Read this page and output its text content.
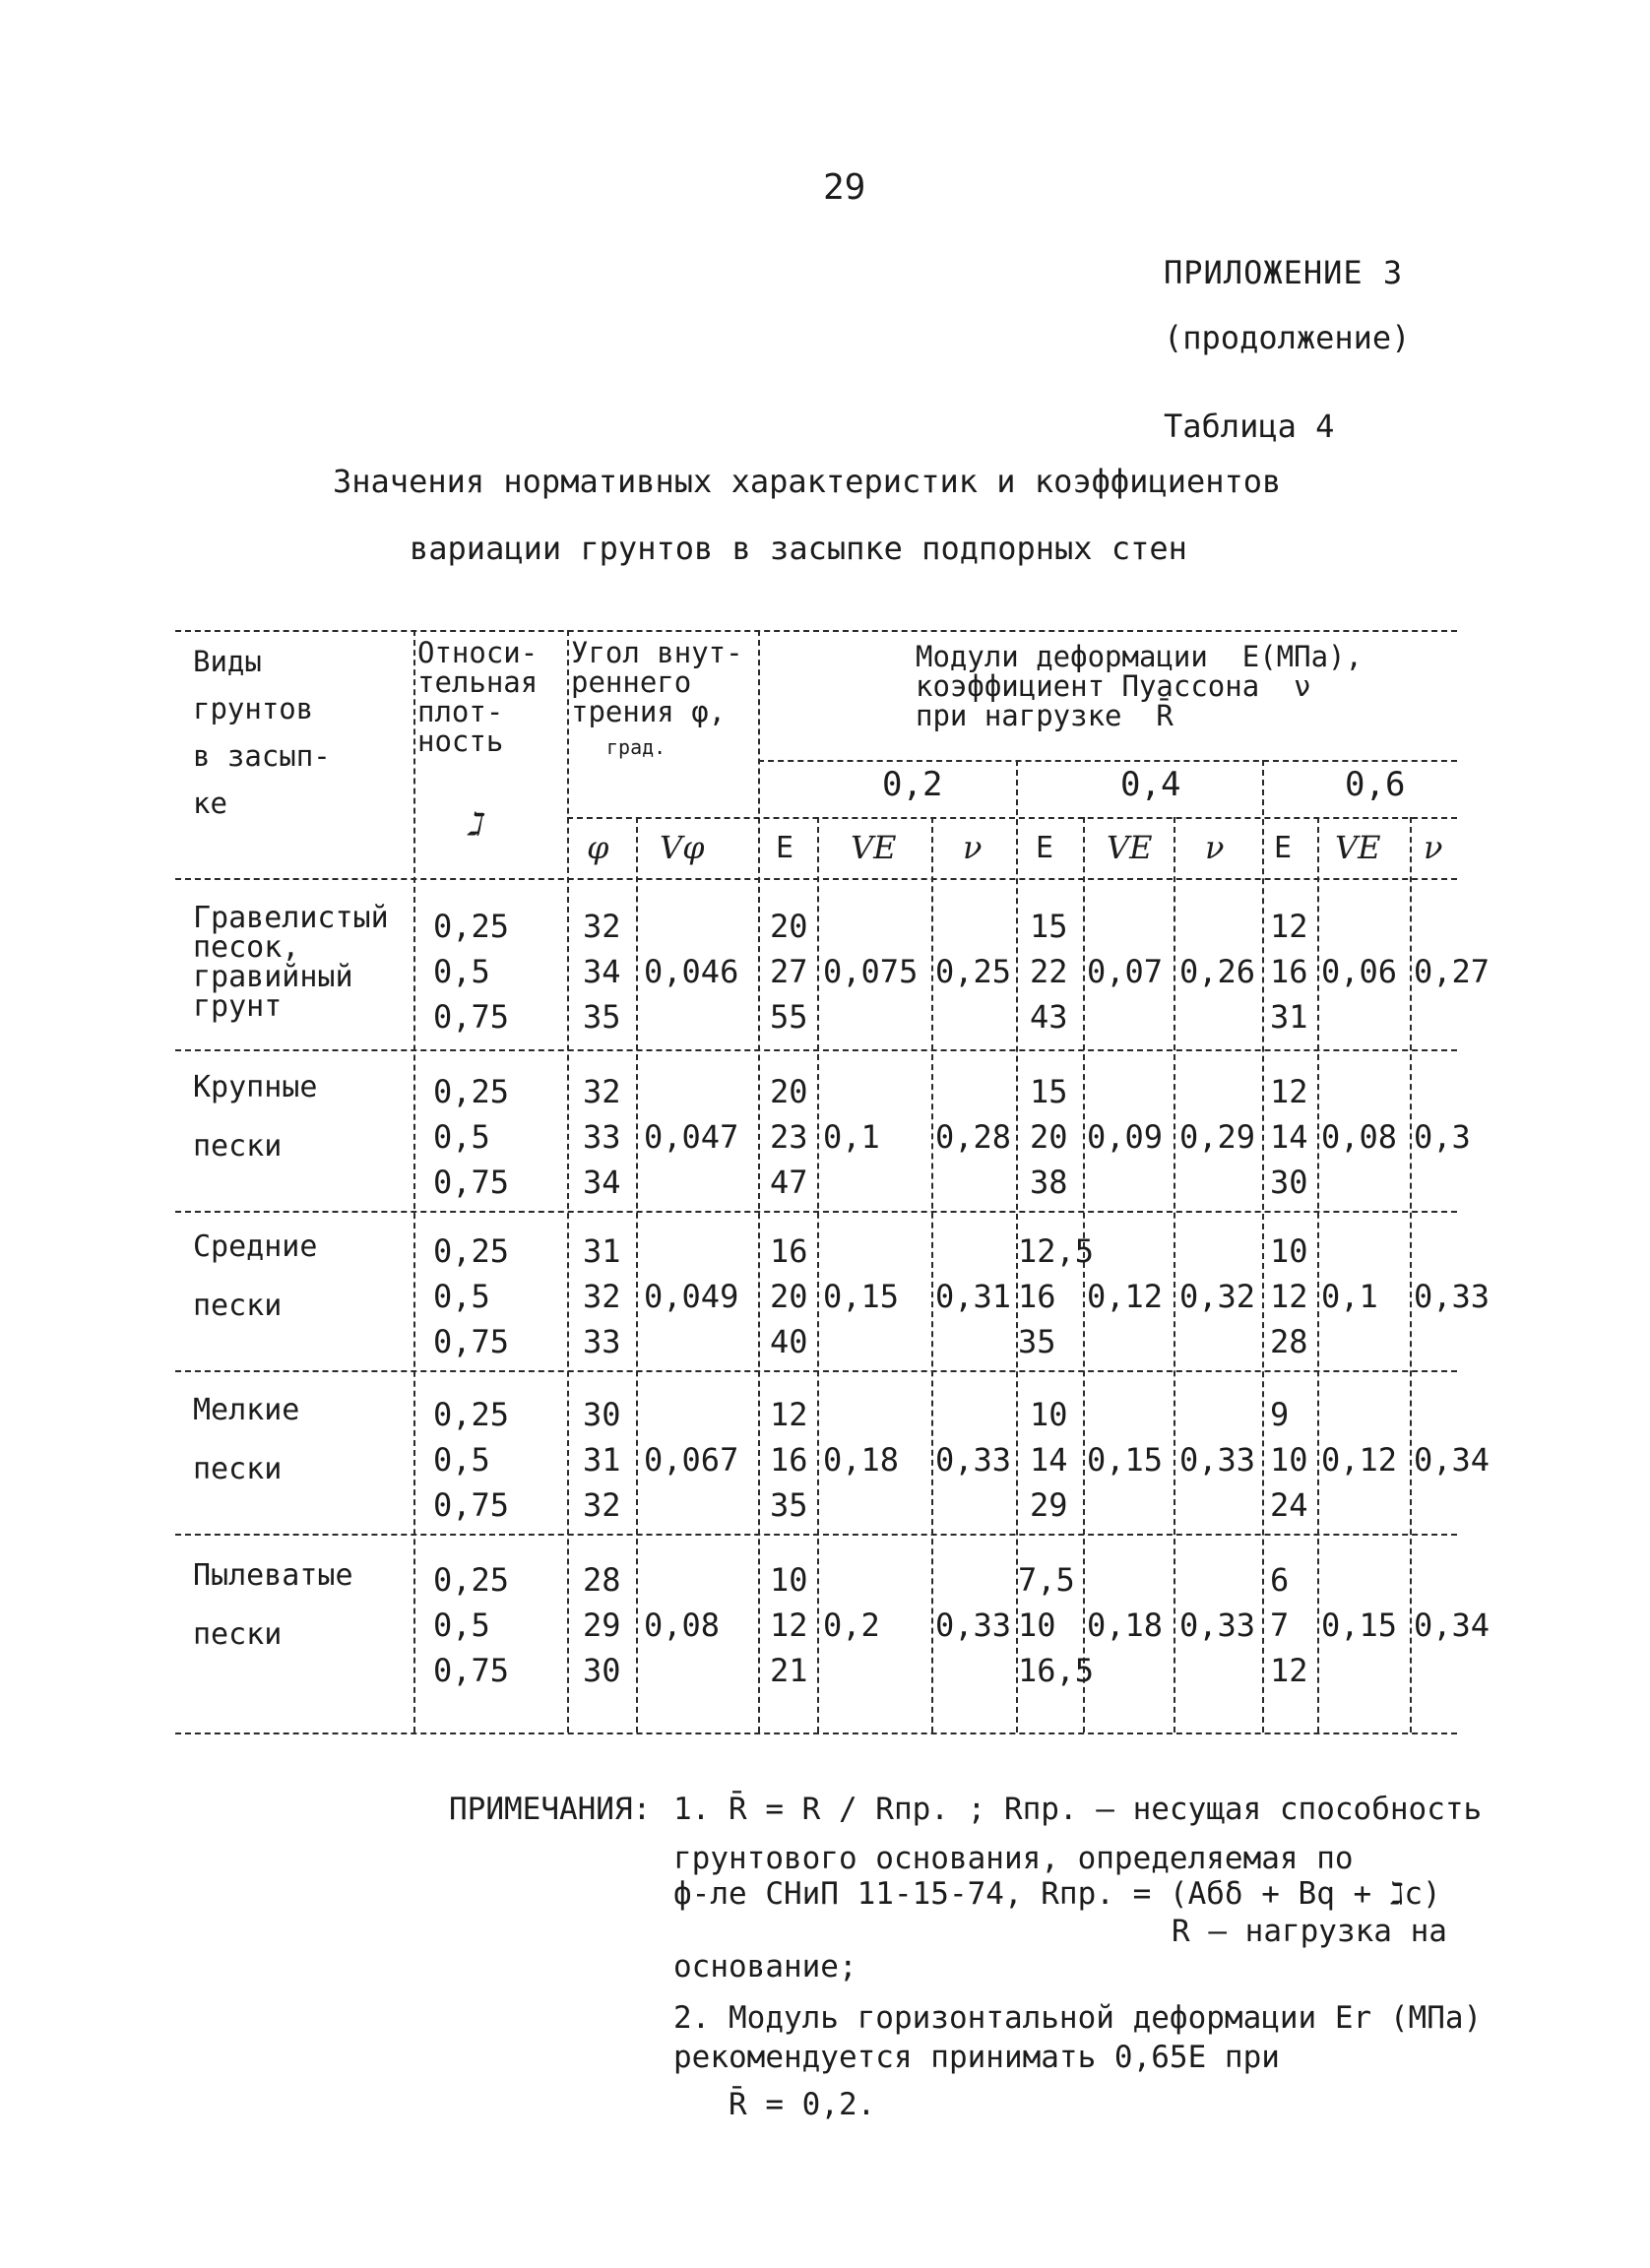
29
ПРИЛОЖЕНИЕ 3
(продолжение)
Таблица 4
Значения нормативных характеристик и коэффициентов
вариации грунтов в засыпке подпорных стен
Виды
грунтов
в засып-
ке
Относи-
тельная
плот-
ность
ℷ
Угол внут-
реннего
трения φ,
град.
Модули деформации  E(МПа),
коэффициент Пуассона  ν
при нагрузке  R̄
0,2	0,4	0,6
φ Vφ E VE ν E VE ν E VE ν
Гравелистый
песок,
гравийный
грунт
0,25
0,5
0,75
32
34
35
0,046
20
27
55
0,075 0,25
15
22
43
0,07 0,26
12
16
31
0,06 0,27
Крупные

пески
0,25
0,5
0,75
32
33
34
0,047
20
23
47
0,1 0,28
15
20
38
0,09 0,29
12
14
30
0,08 0,3
Средние

пески
0,25
0,5
0,75
31
32
33
0,049
16
20
40
0,15 0,31
12,5
16
35
0,12 0,32
10
12
28
0,1 0,33
Мелкие

пески
0,25
0,5
0,75
30
31
32
0,067
12
16
35
0,18 0,33
10
14
29
0,15 0,33
9
10
24
0,12 0,34
Пылеватые

пески
0,25
0,5
0,75
28
29
30
0,08
10
12
21
0,2 0,33
7,5
10
16,5
0,18 0,33
6
7
12
0,15 0,34
ПРИМЕЧАНИЯ: 1. R̄ = R / Rпр. ; Rпр. – несущая способность
грунтового основания, определяемая по
ф-ле СНиП 11-15-74, Rпр. = (Aбδ + Bq + ℷc)
R – нагрузка на
основание;
2. Модуль горизонтальной деформации Er (МПа)
рекомендуется принимать 0,65E при
R̄ = 0,2.
